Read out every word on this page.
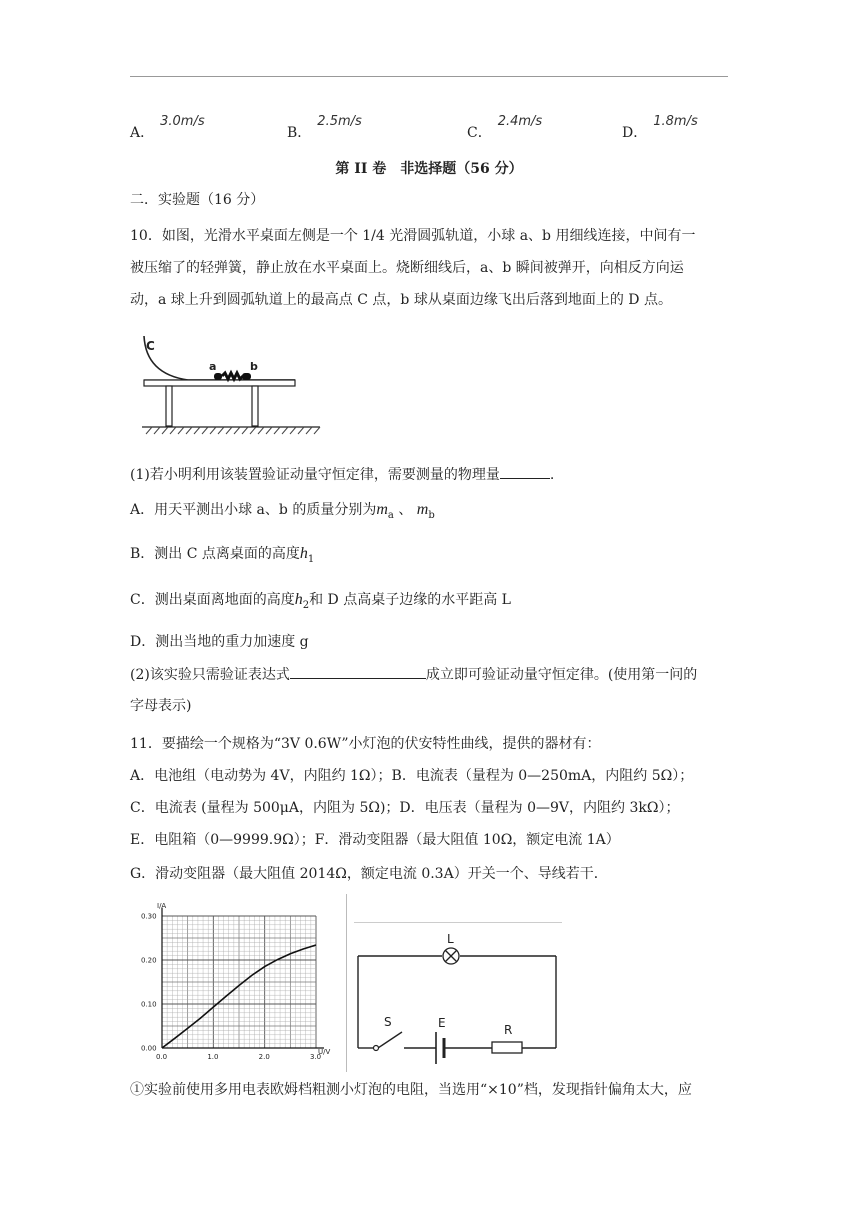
A．3.0m/s
B．2.5m/s
C．2.4m/s
D．1.8m/s
第 II 卷　非选择题（56 分）
二．实验题（16 分）
10．如图，光滑水平桌面左侧是一个 1/4 光滑圆弧轨道，小球 a、b 用细线连接，中间有一
被压缩了的轻弹簧，静止放在水平桌面上。烧断细线后，a、b 瞬间被弹开，向相反方向运
动，a 球上升到圆弧轨道上的最高点 C 点，b 球从桌面边缘飞出后落到地面上的 D 点。
C
a	b
(1)若小明利用该装置验证动量守恒定律，需要测量的物理量	.
A．用天平测出小球 a、b 的质量分别为$m_a$ 、 $m_b$
B．测出 C 点离桌面的高度$h_1$
C．测出桌面离地面的高度$h_2$和 D 点高桌子边缘的水平距高 L
D．测出当地的重力加速度 g
(2)该实验只需验证表达式	成立即可验证动量守恒定律。(使用第一问的
字母表示)
11．要描绘一个规格为“3V 0.6W”小灯泡的伏安特性曲线，提供的器材有：
A．电池组（电动势为 4V，内阻约 1Ω）；B．电流表（量程为 0—250mA，内阻约 5Ω）；
C．电流表 (量程为 500μA，内阻为 5Ω)；D．电压表（量程为 0—9V，内阻约 3kΩ）；
E．电阻箱（0—9999.9Ω）；F．滑动变阻器（最大阻值 10Ω，额定电流 1A）
G．滑动变阻器（最大阻值 2014Ω，额定电流 0.3A）开关一个、导线若干．
0.0	1.0	2.0	3.0
0.00
0.10
0.20
0.30
I/A
U/V
L
S	E	R
①实验前使用多用电表欧姆档粗测小灯泡的电阻，当选用“×10”档，发现指针偏角太大，应
